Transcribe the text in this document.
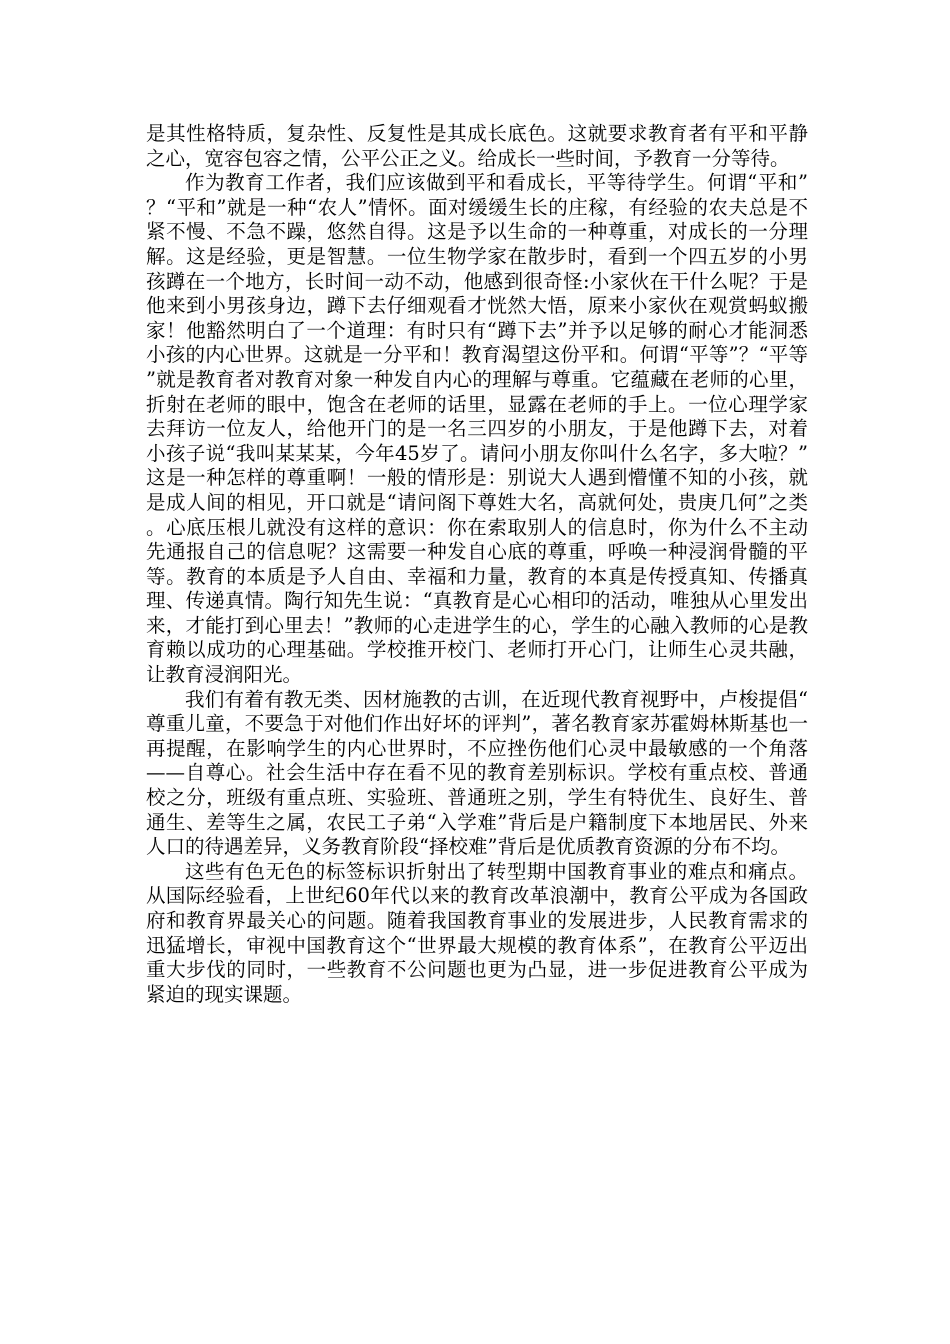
是其性格特质，复杂性、反复性是其成长底色。这就要求教育者有平和平静之心，宽容包容之情，公平公正之义。给成长一些时间，予教育一分等待。

作为教育工作者，我们应该做到平和看成长，平等待学生。何谓“平和”？“平和”就是一种“农人”情怀。面对缓缓生长的庄稼，有经验的农夫总是不紧不慢、不急不躁，悠然自得。这是予以生命的一种尊重，对成长的一分理解。这是经验，更是智慧。一位生物学家在散步时，看到一个四五岁的小男孩蹲在一个地方，长时间一动不动，他感到很奇怪:小家伙在干什么呢？于是他来到小男孩身边，蹲下去仔细观看才恍然大悟，原来小家伙在观赏蚂蚁搬家！他豁然明白了一个道理：有时只有“蹲下去”并予以足够的耐心才能洞悉小孩的内心世界。这就是一分平和！教育渴望这份平和。何谓“平等”？“平等”就是教育者对教育对象一种发自内心的理解与尊重。它蕴藏在老师的心里，折射在老师的眼中，饱含在老师的话里，显露在老师的手上。一位心理学家去拜访一位友人，给他开门的是一名三四岁的小朋友，于是他蹲下去，对着小孩子说“我叫某某某，今年45岁了。请问小朋友你叫什么名字，多大啦？”这是一种怎样的尊重啊！一般的情形是：别说大人遇到懵懂不知的小孩，就是成人间的相见，开口就是“请问阁下尊姓大名，高就何处，贵庚几何”之类。心底压根儿就没有这样的意识：你在索取别人的信息时，你为什么不主动先通报自己的信息呢？这需要一种发自心底的尊重，呼唤一种浸润骨髓的平等。教育的本质是予人自由、幸福和力量，教育的本真是传授真知、传播真理、传递真情。陶行知先生说：“真教育是心心相印的活动，唯独从心里发出来，才能打到心里去！”教师的心走进学生的心，学生的心融入教师的心是教育赖以成功的心理基础。学校推开校门、老师打开心门，让师生心灵共融，让教育浸润阳光。

我们有着有教无类、因材施教的古训，在近现代教育视野中，卢梭提倡“尊重儿童，不要急于对他们作出好坏的评判”，著名教育家苏霍姆林斯基也一再提醒，在影响学生的内心世界时，不应挫伤他们心灵中最敏感的一个角落——自尊心。社会生活中存在看不见的教育差别标识。学校有重点校、普通校之分，班级有重点班、实验班、普通班之别，学生有特优生、良好生、普通生、差等生之属，农民工子弟“入学难”背后是户籍制度下本地居民、外来人口的待遇差异，义务教育阶段“择校难”背后是优质教育资源的分布不均。

这些有色无色的标签标识折射出了转型期中国教育事业的难点和痛点。从国际经验看，上世纪60年代以来的教育改革浪潮中，教育公平成为各国政府和教育界最关心的问题。随着我国教育事业的发展进步，人民教育需求的迅猛增长，审视中国教育这个“世界最大规模的教育体系”，在教育公平迈出重大步伐的同时，一些教育不公问题也更为凸显，进一步促进教育公平成为紧迫的现实课题。
